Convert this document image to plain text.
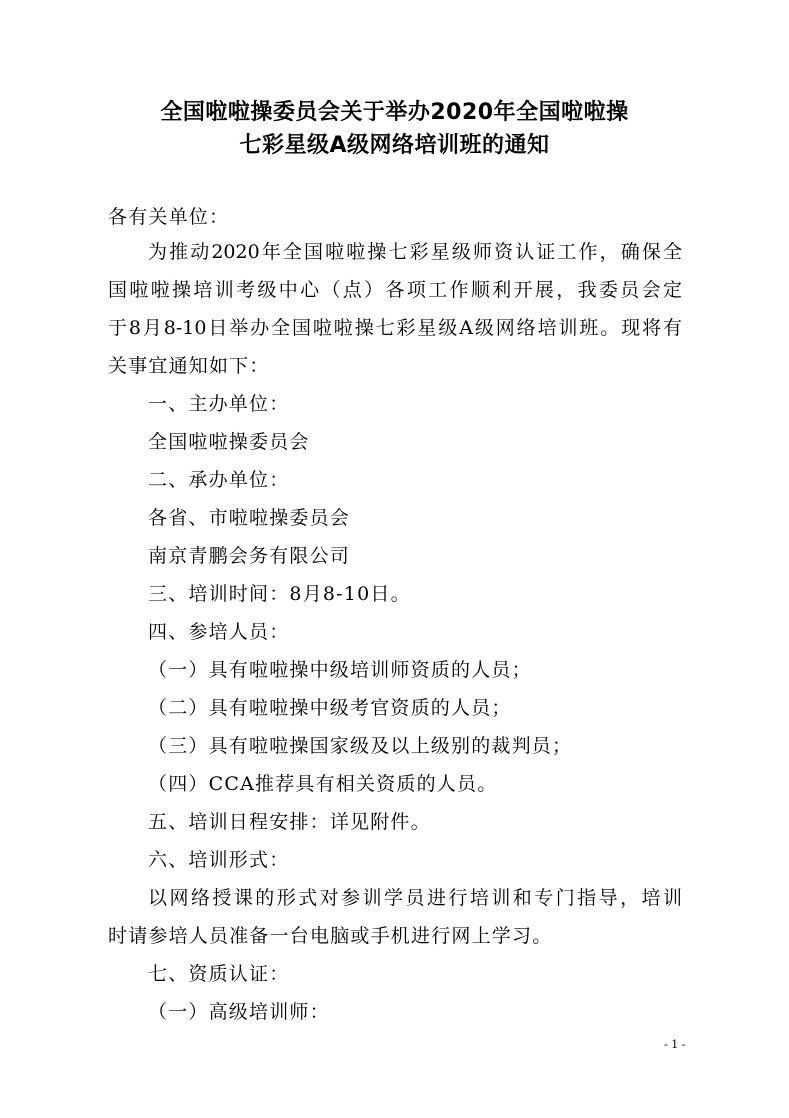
全国啦啦操委员会关于举办2020年全国啦啦操
七彩星级A级网络培训班的通知
各有关单位：
为推动2020年全国啦啦操七彩星级师资认证工作，确保全
国啦啦操培训考级中心（点）各项工作顺利开展，我委员会定
于8月8-10日举办全国啦啦操七彩星级A级网络培训班。现将有
关事宜通知如下：
一、主办单位：
全国啦啦操委员会
二、承办单位：
各省、市啦啦操委员会
南京青鹏会务有限公司
三、培训时间：8月8-10日。
四、参培人员：
（一）具有啦啦操中级培训师资质的人员；
（二）具有啦啦操中级考官资质的人员；
（三）具有啦啦操国家级及以上级别的裁判员；
（四）CCA推荐具有相关资质的人员。
五、培训日程安排：详见附件。
六、培训形式：
以网络授课的形式对参训学员进行培训和专门指导，培训
时请参培人员准备一台电脑或手机进行网上学习。
七、资质认证：
（一）高级培训师：
- 1 -
